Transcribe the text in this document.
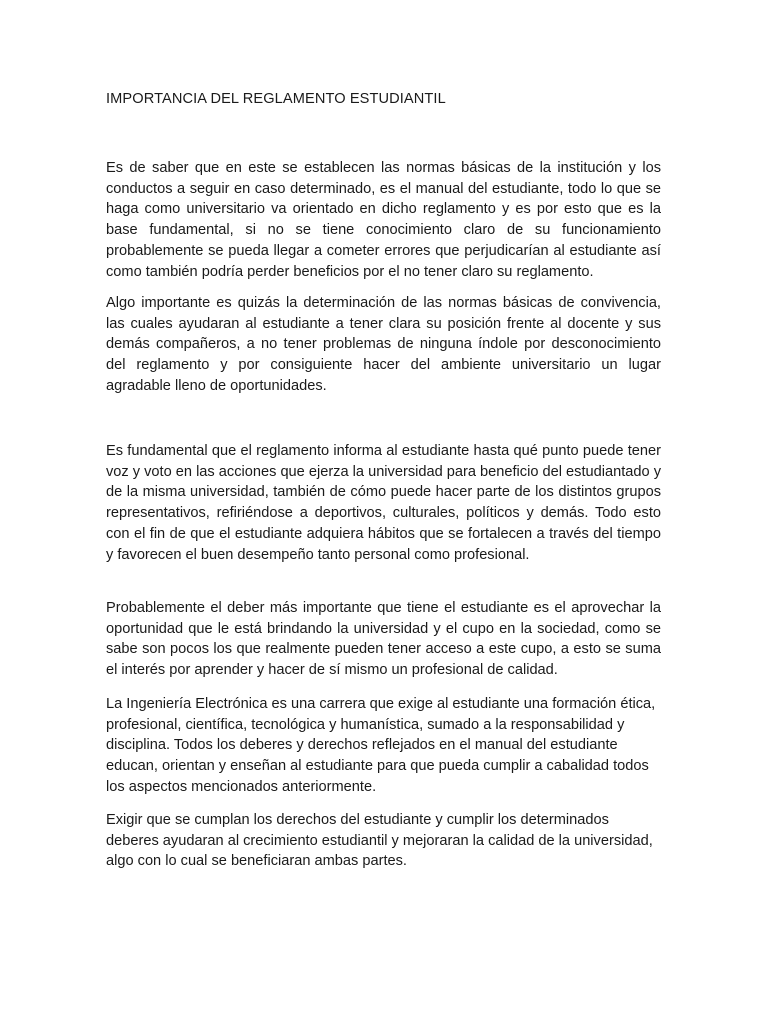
IMPORTANCIA DEL REGLAMENTO ESTUDIANTIL

Es de saber que en este se establecen las normas básicas de la institución y los conductos a seguir en caso determinado, es el manual del estudiante, todo lo que se haga como universitario va orientado en dicho reglamento y es por esto que es la base fundamental, si no se tiene conocimiento claro de su funcionamiento probablemente se pueda llegar a cometer errores que perjudicarían al estudiante así como también podría perder beneficios por el no tener claro su reglamento.

Algo importante es quizás la determinación de las normas básicas de convivencia, las cuales ayudaran al estudiante a tener clara su posición frente al docente y sus demás compañeros, a no tener problemas de ninguna índole por desconocimiento del reglamento y por consiguiente hacer del ambiente universitario un lugar agradable lleno de oportunidades.

Es fundamental que el reglamento informa al estudiante hasta qué punto puede tener voz y voto en las acciones que ejerza la universidad para beneficio del estudiantado y de la misma universidad, también de cómo puede hacer parte de los distintos grupos representativos, refiriéndose a deportivos, culturales, políticos y demás. Todo esto con el fin de que el estudiante adquiera hábitos que se fortalecen a través del tiempo y favorecen el buen desempeño tanto personal como profesional.

Probablemente el deber más importante que tiene el estudiante es el aprovechar la oportunidad que le está brindando la universidad y el cupo en la sociedad, como se sabe son pocos los que realmente pueden tener acceso a este cupo, a esto se suma el interés por aprender y hacer de sí mismo un profesional de calidad.

La Ingeniería Electrónica es una carrera que exige al estudiante una formación ética, profesional, científica, tecnológica y humanística, sumado a la responsabilidad y disciplina. Todos los deberes y derechos reflejados en el manual del estudiante educan, orientan y enseñan al estudiante para que pueda cumplir a cabalidad todos los aspectos mencionados anteriormente.

Exigir que se cumplan los derechos del estudiante y cumplir los determinados deberes ayudaran al crecimiento estudiantil y mejoraran la calidad de la universidad, algo con lo cual se beneficiaran ambas partes.
